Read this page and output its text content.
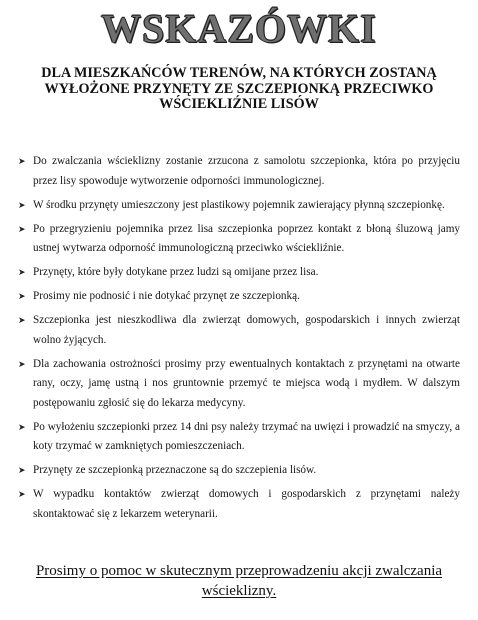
WSKAZÓWKI
DLA MIESZKAŃCÓW TERENÓW, NA KTÓRYCH ZOSTANĄ WYŁOŻONE PRZYNĘTY ZE SZCZEPIONKĄ PRZECIWKO WŚCIEKLIŹNIE LISÓW
➤ Do zwalczania wścieklizny zostanie zrzucona z samolotu szczepionka, która po przyjęciu przez lisy spowoduje wytworzenie odporności immunologicznej.
➤ W środku przynęty umieszczony jest plastikowy pojemnik zawierający płynną szczepionkę.
➤ Po przegryzieniu pojemnika przez lisa szczepionka poprzez kontakt z błoną śluzową jamy ustnej wytwarza odporność immunologiczną przeciwko wściekliźnie.
➤ Przynęty, które były dotykane przez ludzi są omijane przez lisa.
➤ Prosimy nie podnosić i nie dotykać przynęt ze szczepionką.
➤ Szczepionka jest nieszkodliwa dla zwierząt domowych, gospodarskich i innych zwierząt wolno żyjących.
➤ Dla zachowania ostrożności prosimy przy ewentualnych kontaktach z przynętami na otwarte rany, oczy, jamę ustną i nos gruntownie przemyć te miejsca wodą i mydłem. W dalszym postępowaniu zgłosić się do lekarza medycyny.
➤ Po wyłożeniu szczepionki przez 14 dni psy należy trzymać na uwięzi i prowadzić na smyczy, a koty trzymać w zamkniętych pomieszczeniach.
➤ Przynęty ze szczepionką przeznaczone są do szczepienia lisów.
➤ W wypadku kontaktów zwierząt domowych i gospodarskich z przynętami należy skontaktować się z lekarzem weterynarii.
Prosimy o pomoc w skutecznym przeprowadzeniu akcji zwalczania wścieklizny.
